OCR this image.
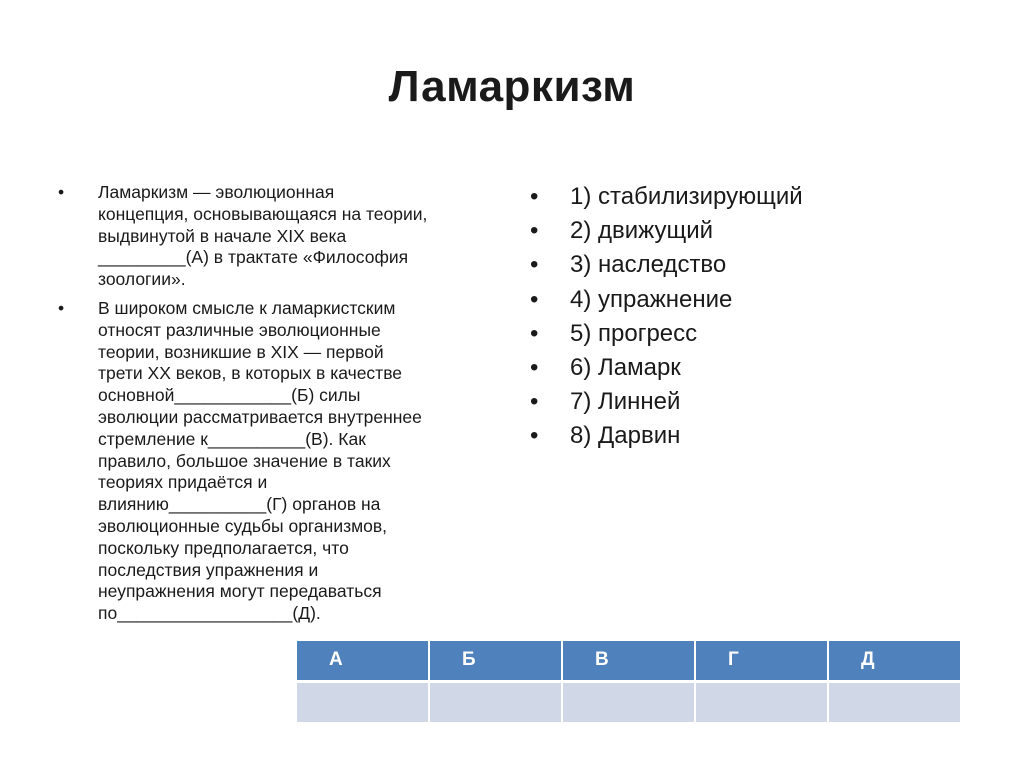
Ламаркизм
• Ламаркизм — эволюционная
концепция, основывающаяся на теории,
выдвинутой в начале XIX века
_________(А) в трактате «Философия
зоологии».
• В широком смысле к ламаркистским
относят различные эволюционные
теории, возникшие в XIX — первой
трети XX веков, в которых в качестве
основной____________(Б) силы
эволюции рассматривается внутреннее
стремление к__________(В). Как
правило, большое значение в таких
теориях придаётся и
влиянию__________(Г) органов на
эволюционные судьбы организмов,
поскольку предполагается, что
последствия упражнения и
неупражнения могут передаваться
по__________________(Д).
• 1) стабилизирующий
• 2) движущий
• 3) наследство
• 4) упражнение
• 5) прогресс
• 6) Ламарк
• 7) Линней
• 8) Дарвин
А	Б	В	Г	Д
